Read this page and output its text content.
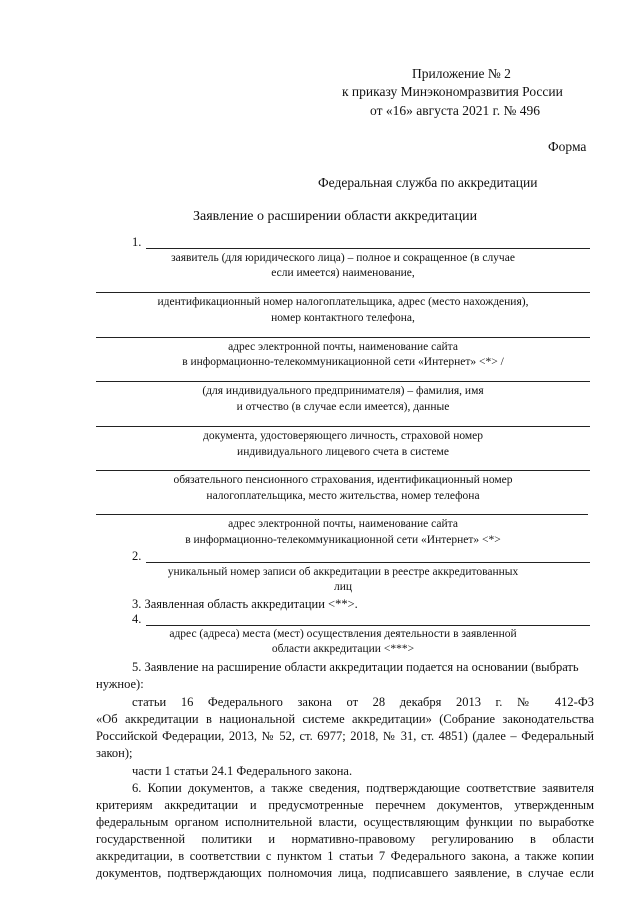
Приложение № 2
к приказу Минэкономразвития России
от «16» августа 2021 г. № 496
Форма
Федеральная служба по аккредитации
Заявление о расширении области аккредитации
1.
заявитель (для юридического лица) – полное и сокращенное (в случае
если имеется) наименование,
идентификационный номер налогоплательщика, адрес (место нахождения),
номер контактного телефона,
адрес электронной почты, наименование сайта
в информационно-телекоммуникационной сети «Интернет» <*> /
(для индивидуального предпринимателя) – фамилия, имя
и отчество (в случае если имеется), данные
документа, удостоверяющего личность, страховой номер
индивидуального лицевого счета в системе
обязательного пенсионного страхования, идентификационный номер
налогоплательщика, место жительства, номер телефона
адрес электронной почты, наименование сайта
в информационно-телекоммуникационной сети «Интернет» <*>
2.
уникальный номер записи об аккредитации в реестре аккредитованных
лиц
3. Заявленная область аккредитации <**>.
4.
адрес (адреса) места (мест) осуществления деятельности в заявленной
области аккредитации <***>
5. Заявление на расширение области аккредитации подается на основании (выбрать
нужное):
статьи 16 Федерального закона от 28 декабря 2013 г. № 412-ФЗ
«Об аккредитации в национальной системе аккредитации» (Собрание законодательства
Российской Федерации, 2013, № 52, ст. 6977; 2018, № 31, ст. 4851) (далее – Федеральный
закон);
части 1 статьи 24.1 Федерального закона.
6. Копии документов, а также сведения, подтверждающие соответствие заявителя
критериям аккредитации и предусмотренные перечнем документов, утвержденным
федеральным органом исполнительной власти, осуществляющим функции по выработке
государственной политики и нормативно-правовому регулированию в области
аккредитации, в соответствии с пунктом 1 статьи 7 Федерального закона, а также копии
документов, подтверждающих полномочия лица, подписавшего заявление, в случае если
